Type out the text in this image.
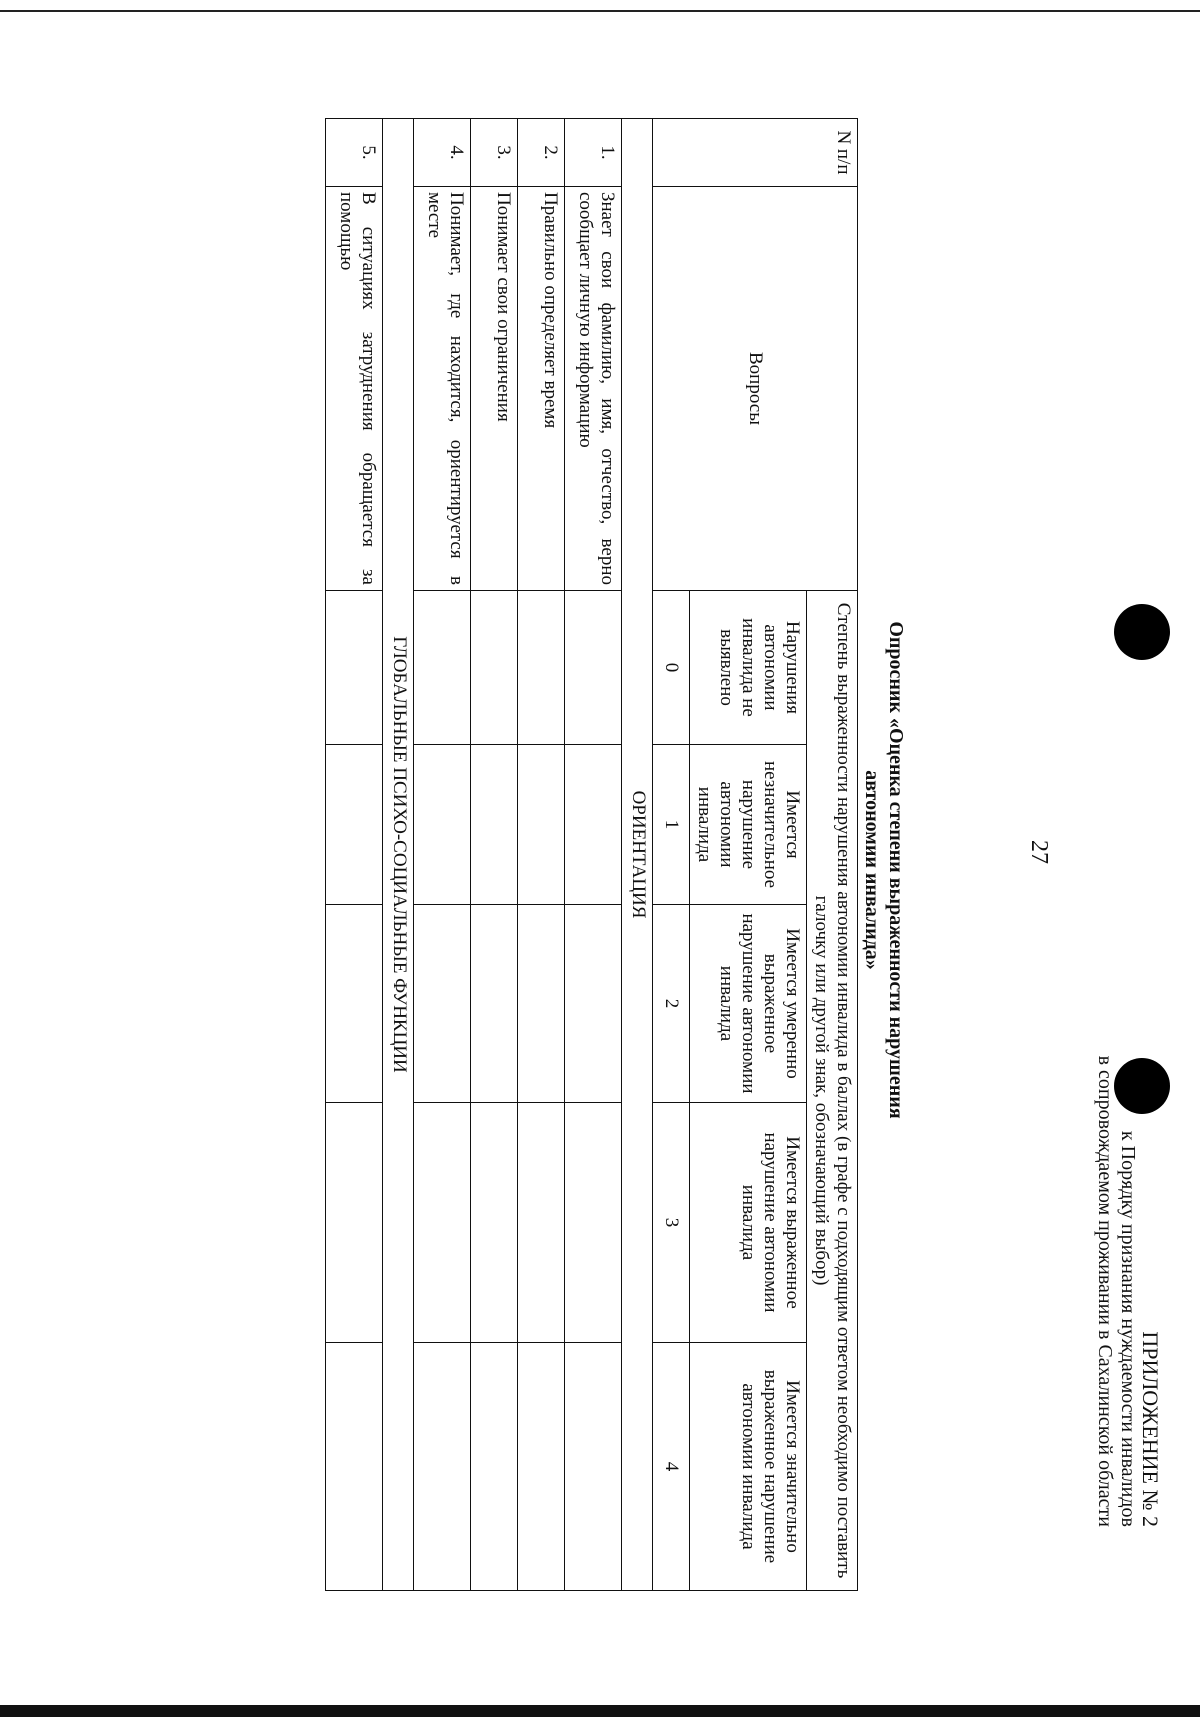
27
ПРИЛОЖЕНИЕ № 2
к Порядку признания нуждаемости инвалидов
в сопровождаемом проживании в Сахалинской области
Опросник «Оценка степени выраженности нарушения
автономии инвалида»
N п/п	Вопросы	Степень выраженности нарушения автономии инвалида в баллах (в графе с подходящим ответом необходимо поставить галочку или другой знак, обозначающий выбор)				
		Нарушения автономии инвалида не выявлено	Имеется незначительное нарушение автономии инвалида	Имеется умеренно выраженное нарушение автономии инвалида	Имеется выраженное нарушение автономии инвалида	Имеется значительно выраженное нарушение автономии инвалида
		0	1	2	3	4
ОРИЕНТАЦИЯ						
1.	Знает свои фамилию, имя, отчество, верно сообщает личную информацию					
2.	Правильно определяет время					
3.	Понимает свои ограничения					
4.	Понимает, где находится, ориентируется в месте					
ГЛОБАЛЬНЫЕ ПСИХО-СОЦИАЛЬНЫЕ ФУНКЦИИ						
5.	В ситуациях затруднения обращается за помощью					
